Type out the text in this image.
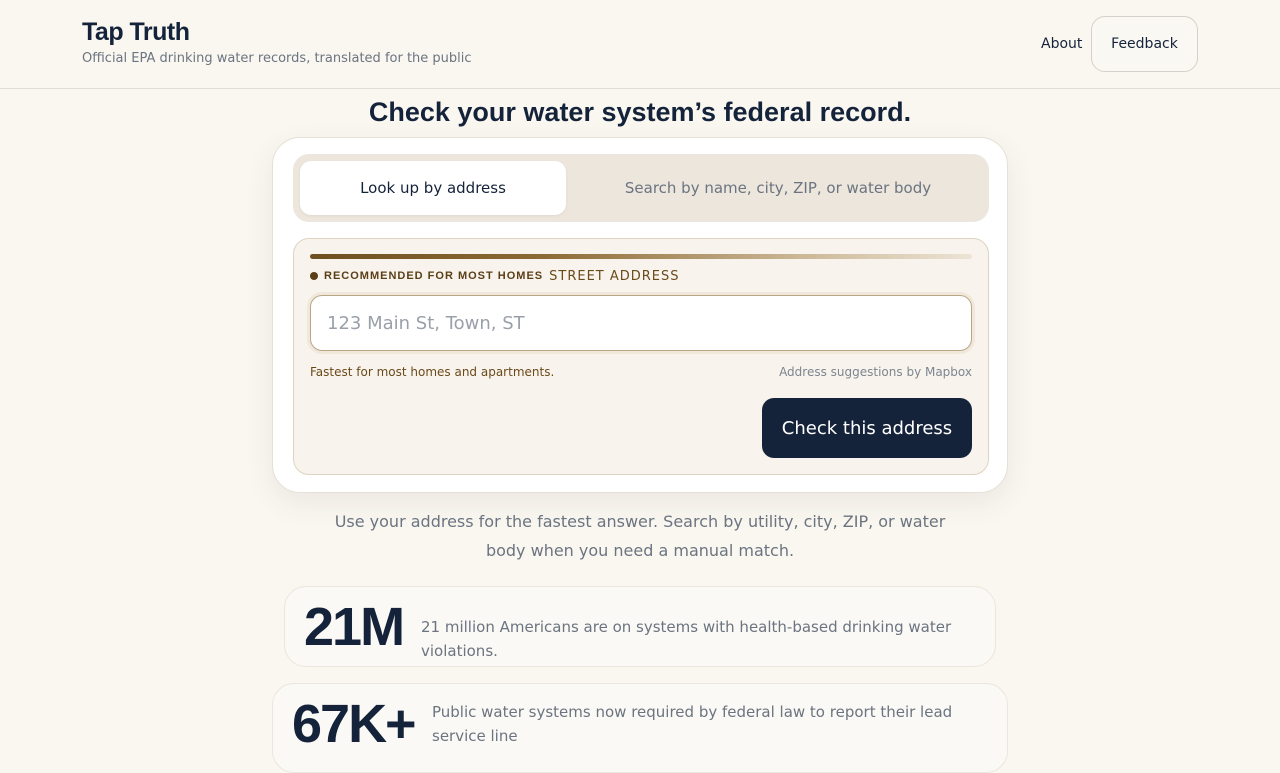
Tap Truth
Official EPA drinking water records, translated for the public
About	Feedback
Check your water system’s federal record.
Look up by address	Search by name, city, ZIP, or water body
RECOMMENDED FOR MOST HOMES STREET ADDRESS
123 Main St, Town, ST
Fastest for most homes and apartments.	Address suggestions by Mapbox
Check this address

Use your address for the fastest answer. Search by utility, city, ZIP, or water body when you need a manual match.

21M 21 million Americans are on systems with health-based drinking water violations.
67K+ Public water systems now required by federal law to report their lead service line
